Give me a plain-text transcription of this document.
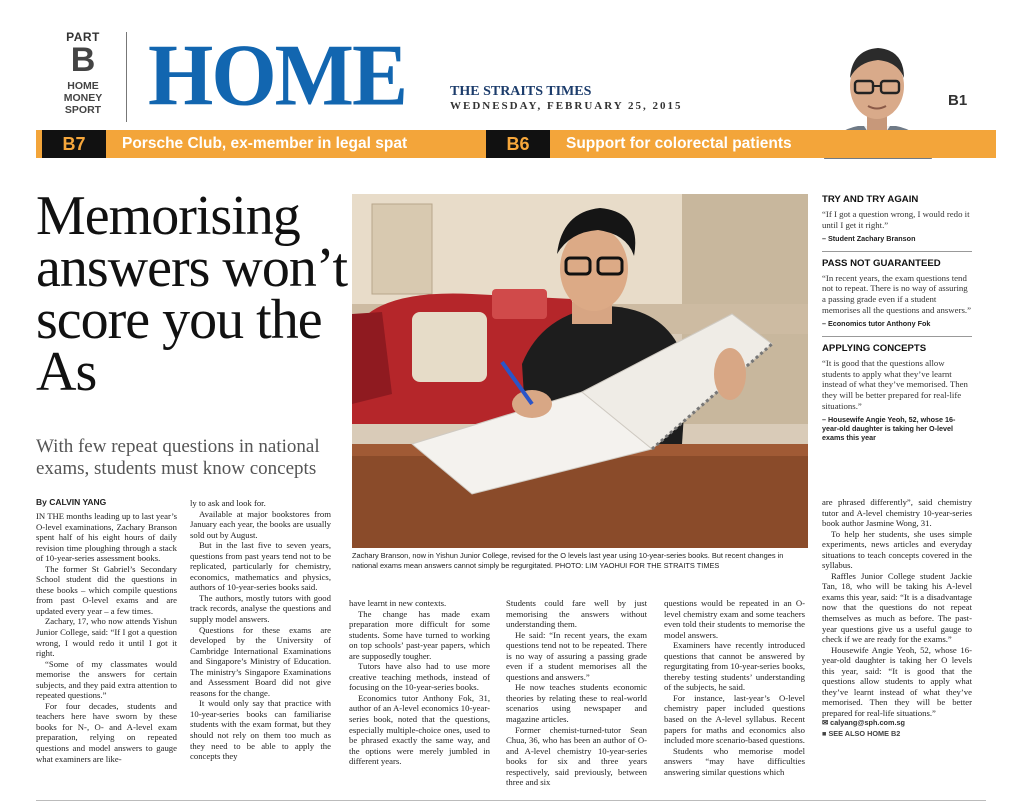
PART
B
HOME
MONEY
SPORT HOME	THE STRAITS TIMES
WEDNESDAY, FEBRUARY 25, 2015	B1
B7	Porsche Club, ex-member in legal spat	B6	Support for colorectal patients
Memorising answers won’t score you the As
With few repeat questions in national exams, students must know concepts
By CALVIN YANG
Zachary Branson, now in Yishun Junior College, revised for the O levels last year using 10-year-series books. But recent changes in national exams mean answers cannot simply be regurgitated. PHOTO: LIM YAOHUI FOR THE STRAITS TIMES
TRY AND TRY AGAIN
“If I got a question wrong, I would redo it until I get it right.”
– Student Zachary Branson
PASS NOT GUARANTEED
“In recent years, the exam questions tend not to repeat. There is no way of assuring a passing grade even if a student memorises all the questions and answers.”
– Economics tutor Anthony Fok
APPLYING CONCEPTS
“It is good that the questions allow students to apply what they’ve learnt instead of what they’ve memorised. Then they will be better prepared for real-life situations.”
– Housewife Angie Yeoh, 52, whose 16-year-old daughter is taking her O-level exams this year

IN THE months leading up to last year’s O-level examinations, Zachary Branson spent half of his eight hours of daily revision time ploughing through a stack of 10-year-series assessment books.

The former St Gabriel’s Secondary School student did the questions in these books – which compile questions from past O-level exams and are updated every year – a few times.

Zachary, 17, who now attends Yishun Junior College, said: “If I got a question wrong, I would redo it until I got it right.

“Some of my classmates would memorise the answers for certain subjects, and they paid extra attention to repeated questions.”

For four decades, students and teachers here have sworn by these books for N-, O- and A-level exam preparation, relying on repeated questions and model answers to gauge what examiners are like-

ly to ask and look for.

Available at major bookstores from January each year, the books are usually sold out by August.

But in the last five to seven years, questions from past years tend not to be replicated, particularly for chemistry, economics, mathematics and physics, authors of 10-year-series books said.

The authors, mostly tutors with good track records, analyse the questions and supply model answers.

Questions for these exams are developed by the University of Cambridge International Examinations and Singapore’s Ministry of Education. The ministry’s Singapore Examinations and Assessment Board did not give reasons for the change.

It would only say that practice with 10-year-series books can familiarise students with the exam format, but they should not rely on them too much as they need to be able to apply the concepts they

have learnt in new contexts.

The change has made exam preparation more difficult for some students. Some have turned to working on top schools’ past-year papers, which are supposedly tougher.

Tutors have also had to use more creative teaching methods, instead of focusing on the 10-year-series books.

Economics tutor Anthony Fok, 31, author of an A-level economics 10-year-series book, noted that the questions, especially multiple-choice ones, used to be phrased exactly the same way, and the options were merely jumbled in different years.

Students could fare well by just memorising the answers without understanding them.

He said: “In recent years, the exam questions tend not to be repeated. There is no way of assuring a passing grade even if a student memorises all the questions and answers.”

He now teaches students economic theories by relating these to real-world scenarios using newspaper and magazine articles.

Former chemist-turned-tutor Sean Chua, 36, who has been an author of O- and A-level chemistry 10-year-series books for six and three years respectively, said previously, between three and six

questions would be repeated in an O-level chemistry exam and some teachers even told their students to memorise the model answers.

Examiners have recently introduced questions that cannot be answered by regurgitating from 10-year-series books, thereby testing students’ understanding of the subjects, he said.

For instance, last-year’s O-level chemistry paper included questions based on the A-level syllabus. Recent papers for maths and economics also included more scenario-based questions.

Students who memorise model answers “may have difficulties answering similar questions which

are phrased differently”, said chemistry tutor and A-level chemistry 10-year-series book author Jasmine Wong, 31.

To help her students, she uses simple experiments, news articles and everyday situations to teach concepts covered in the syllabus.

Raffles Junior College student Jackie Tan, 18, who will be taking his A-level exams this year, said: “It is a disadvantage now that the questions do not repeat themselves as much as before. The past-year questions give us a useful gauge to check if we are ready for the exams.”

Housewife Angie Yeoh, 52, whose 16-year-old daughter is taking her O levels this year, said: “It is good that the questions allow students to apply what they’ve learnt instead of what they’ve memorised. Then they will be better prepared for real-life situations.”

✉ calyang@sph.com.sg
■ SEE ALSO HOME B2
